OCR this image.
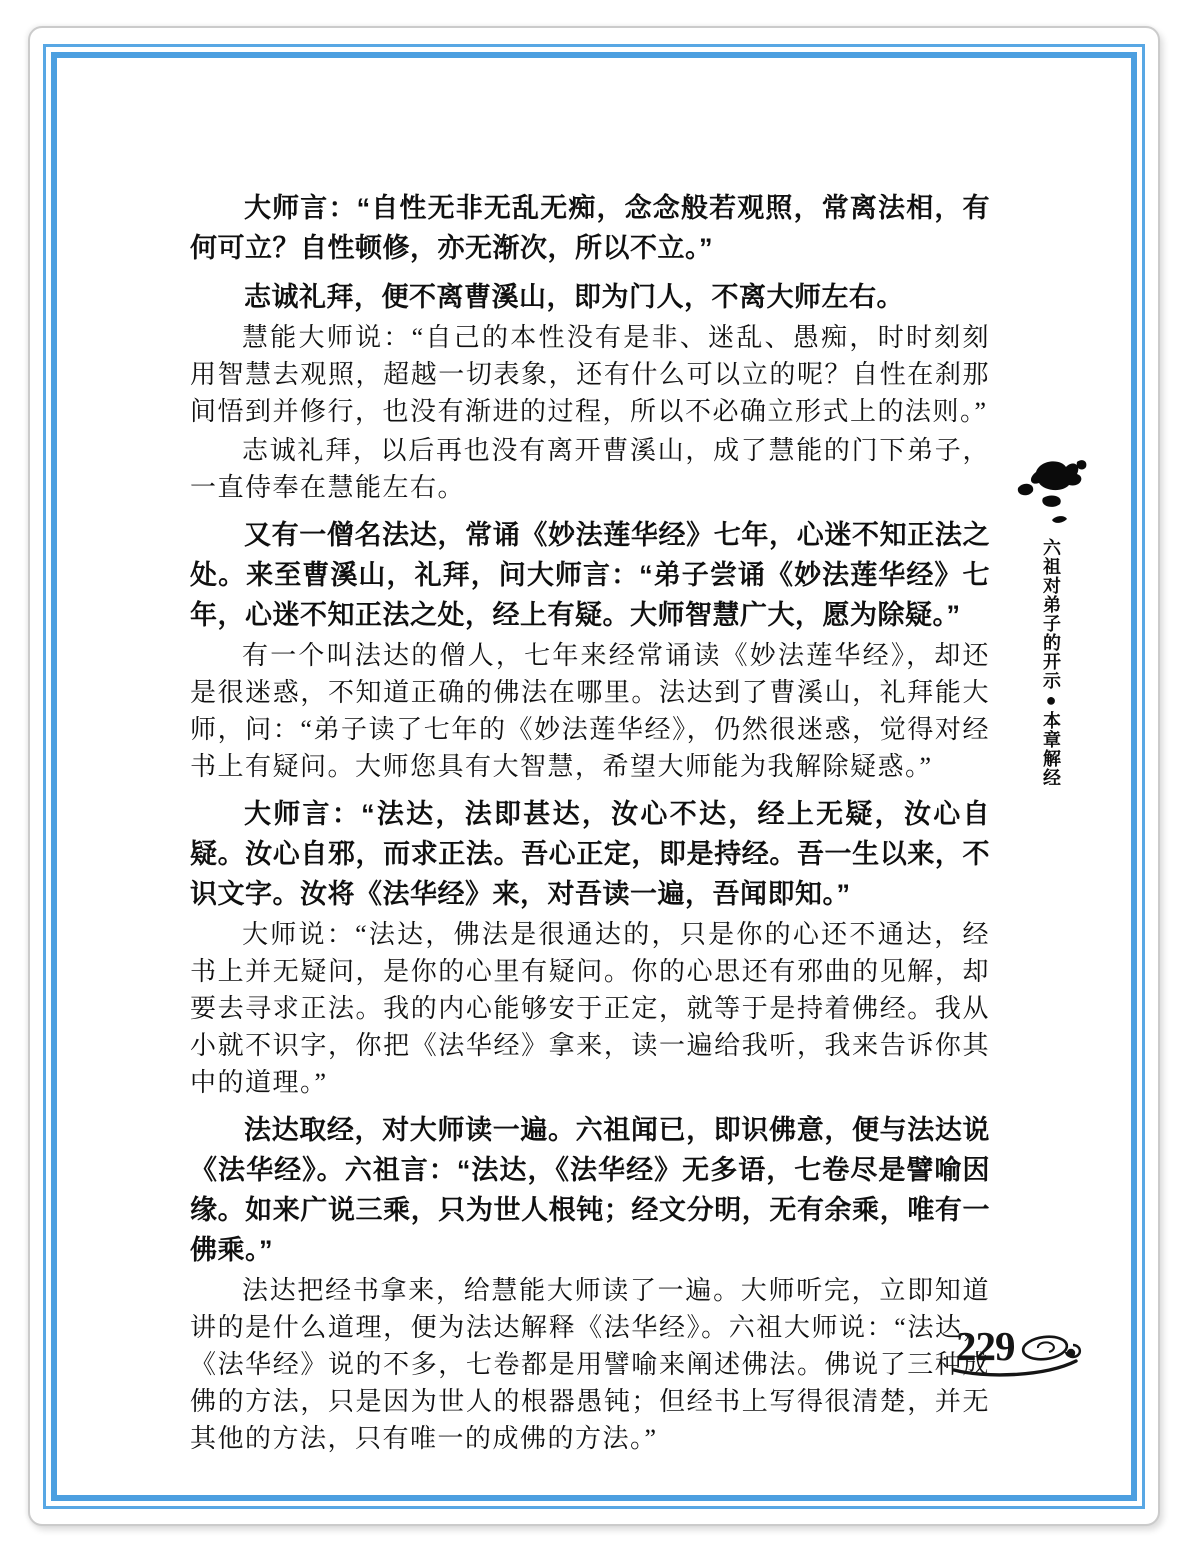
大师言：“自性无非无乱无痴，念念般若观照，常离法相，有何可立？自性顿修，亦无渐次，所以不立。”

志诚礼拜，便不离曹溪山，即为门人，不离大师左右。

慧能大师说：“自己的本性没有是非、迷乱、愚痴，时时刻刻用智慧去观照，超越一切表象，还有什么可以立的呢？自性在刹那间悟到并修行，也没有渐进的过程，所以不必确立形式上的法则。”

志诚礼拜，以后再也没有离开曹溪山，成了慧能的门下弟子，一直侍奉在慧能左右。

又有一僧名法达，常诵《妙法莲华经》七年，心迷不知正法之处。来至曹溪山，礼拜，问大师言：“弟子尝诵《妙法莲华经》七年，心迷不知正法之处，经上有疑。大师智慧广大，愿为除疑。”

有一个叫法达的僧人，七年来经常诵读《妙法莲华经》，却还是很迷惑，不知道正确的佛法在哪里。法达到了曹溪山，礼拜能大师，问：“弟子读了七年的《妙法莲华经》，仍然很迷惑，觉得对经书上有疑问。大师您具有大智慧，希望大师能为我解除疑惑。”

大师言：“法达，法即甚达，汝心不达，经上无疑，汝心自疑。汝心自邪，而求正法。吾心正定，即是持经。吾一生以来，不识文字。汝将《法华经》来，对吾读一遍，吾闻即知。”

大师说：“法达，佛法是很通达的，只是你的心还不通达，经书上并无疑问，是你的心里有疑问。你的心思还有邪曲的见解，却要去寻求正法。我的内心能够安于正定，就等于是持着佛经。我从小就不识字，你把《法华经》拿来，读一遍给我听，我来告诉你其中的道理。”

法达取经，对大师读一遍。六祖闻已，即识佛意，便与法达说《法华经》。六祖言：“法达，《法华经》无多语，七卷尽是譬喻因缘。如来广说三乘，只为世人根钝；经文分明，无有余乘，唯有一佛乘。”

法达把经书拿来，给慧能大师读了一遍。大师听完，立即知道讲的是什么道理，便为法达解释《法华经》。六祖大师说：“法达，《法华经》说的不多，七卷都是用譬喻来阐述佛法。佛说了三种成佛的方法，只是因为世人的根器愚钝；但经书上写得很清楚，并无其他的方法，只有唯一的成佛的方法。”

六祖对弟子的开示●本章解经
229
